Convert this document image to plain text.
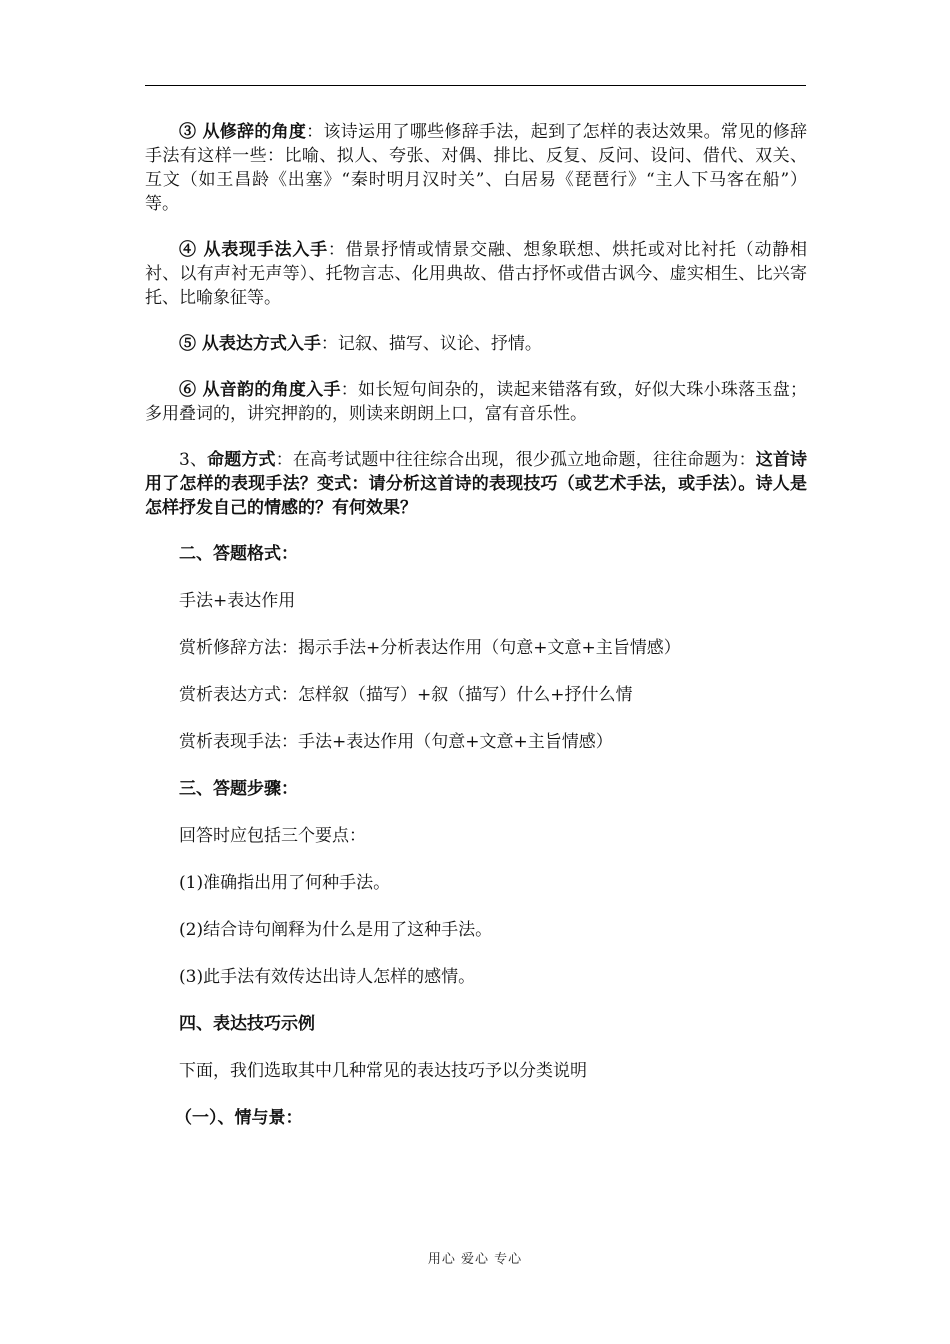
③ 从修辞的角度：该诗运用了哪些修辞手法，起到了怎样的表达效果。常见的修辞手法有这样一些：比喻、拟人、夸张、对偶、排比、反复、反问、设问、借代、双关、互文（如王昌龄《出塞》“秦时明月汉时关”、白居易《琵琶行》“主人下马客在船”）等。

④ 从表现手法入手：借景抒情或情景交融、想象联想、烘托或对比衬托（动静相衬、以有声衬无声等）、托物言志、化用典故、借古抒怀或借古讽今、虚实相生、比兴寄托、比喻象征等。

⑤ 从表达方式入手：记叙、描写、议论、抒情。

⑥ 从音韵的角度入手：如长短句间杂的，读起来错落有致，好似大珠小珠落玉盘；多用叠词的，讲究押韵的，则读来朗朗上口，富有音乐性。

3、命题方式：在高考试题中往往综合出现，很少孤立地命题，往往命题为：这首诗用了怎样的表现手法？变式：请分析这首诗的表现技巧（或艺术手法，或手法）。诗人是怎样抒发自己的情感的？有何效果？

二、答题格式：

手法+表达作用

赏析修辞方法：揭示手法+分析表达作用（句意+文意+主旨情感）

赏析表达方式：怎样叙（描写）+叙（描写）什么+抒什么情

赏析表现手法：手法+表达作用（句意+文意+主旨情感）

三、答题步骤：

回答时应包括三个要点：

(1)准确指出用了何种手法。

(2)结合诗句阐释为什么是用了这种手法。

(3)此手法有效传达出诗人怎样的感情。

四、表达技巧示例

下面，我们选取其中几种常见的表达技巧予以分类说明

（一）、情与景：

用心 爱心 专心
